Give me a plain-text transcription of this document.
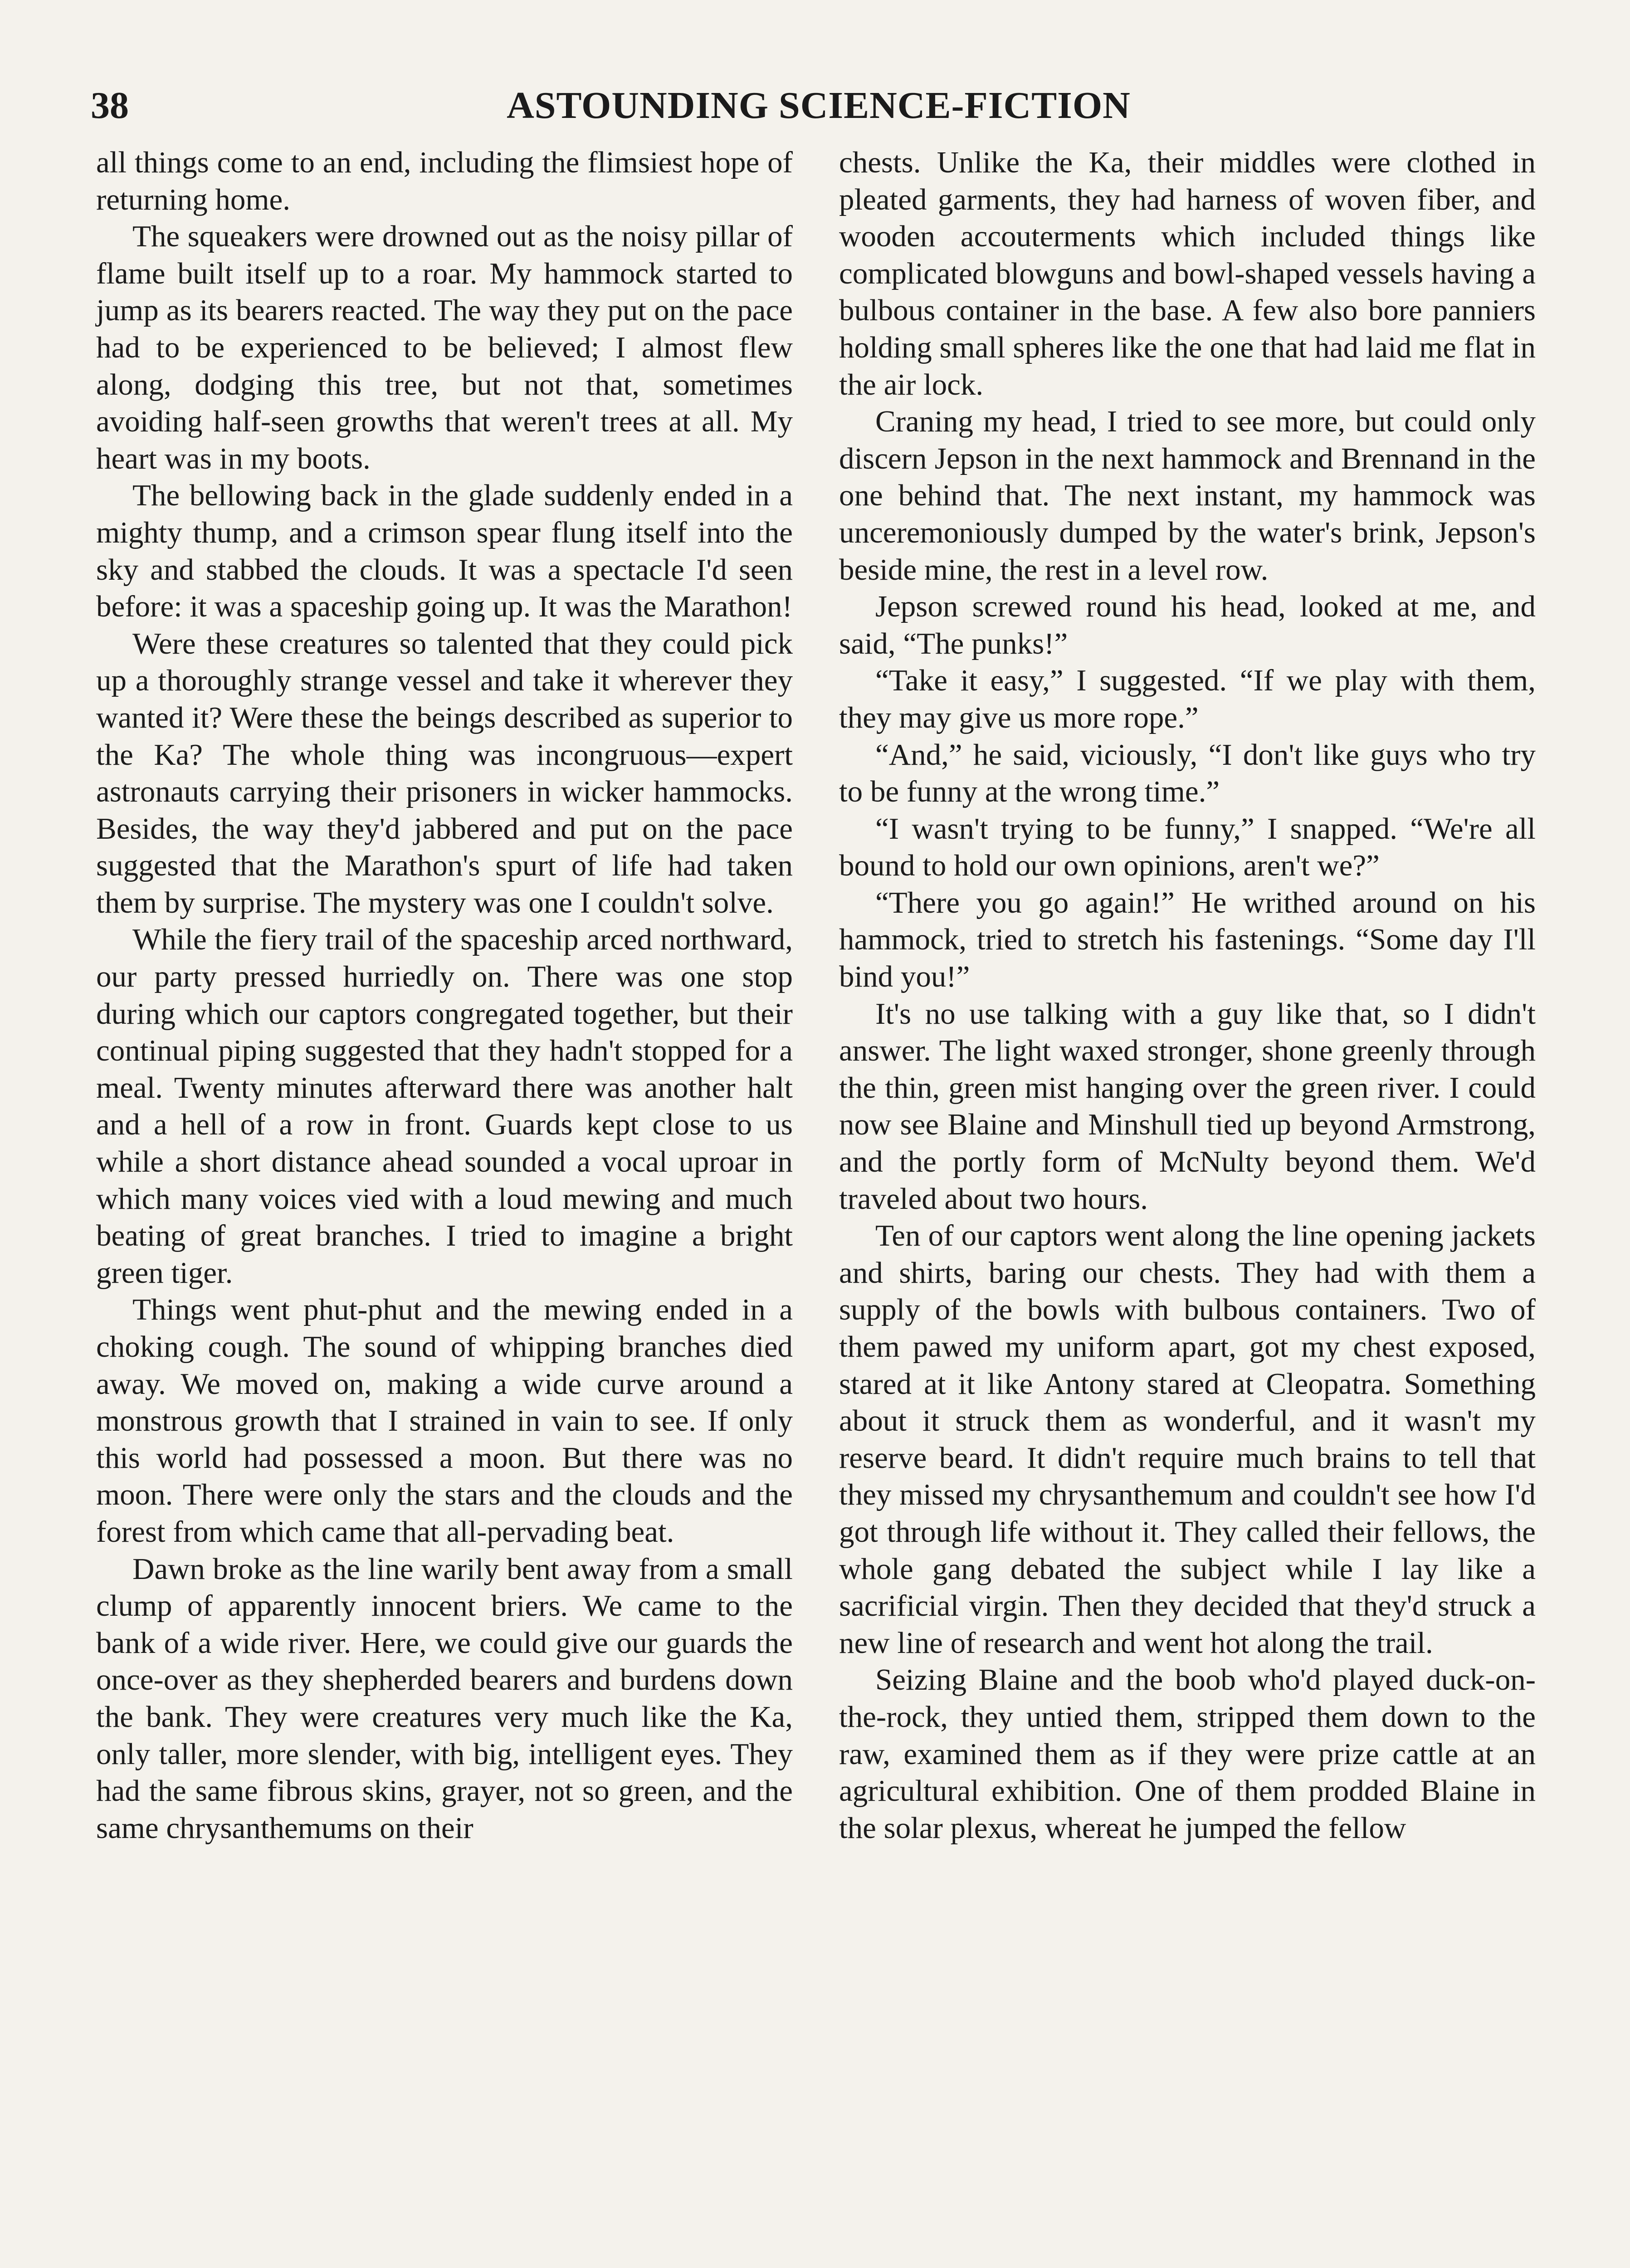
38	ASTOUNDING SCIENCE-FICTION

all things come to an end, including the flimsiest hope of returning home.

The squeakers were drowned out as the noisy pillar of flame built itself up to a roar. My hammock started to jump as its bearers reacted. The way they put on the pace had to be experienced to be believed; I almost flew along, dodging this tree, but not that, sometimes avoiding half-seen growths that weren't trees at all. My heart was in my boots.

The bellowing back in the glade suddenly ended in a mighty thump, and a crimson spear flung itself into the sky and stabbed the clouds. It was a spectacle I'd seen before: it was a spaceship going up. It was the Marathon!

Were these creatures so talented that they could pick up a thoroughly strange vessel and take it wherever they wanted it? Were these the beings described as superior to the Ka? The whole thing was incongruous—expert astronauts carrying their prisoners in wicker hammocks. Besides, the way they'd jabbered and put on the pace suggested that the Marathon's spurt of life had taken them by surprise. The mystery was one I couldn't solve.

While the fiery trail of the spaceship arced northward, our party pressed hurriedly on. There was one stop during which our captors congregated together, but their continual piping suggested that they hadn't stopped for a meal. Twenty minutes afterward there was another halt and a hell of a row in front. Guards kept close to us while a short distance ahead sounded a vocal uproar in which many voices vied with a loud mewing and much beating of great branches. I tried to imagine a bright green tiger.

Things went phut-phut and the mewing ended in a choking cough. The sound of whipping branches died away. We moved on, making a wide curve around a monstrous growth that I strained in vain to see. If only this world had possessed a moon. But there was no moon. There were only the stars and the clouds and the forest from which came that all-pervading beat.

Dawn broke as the line warily bent away from a small clump of apparently innocent briers. We came to the bank of a wide river. Here, we could give our guards the once-over as they shepherded bearers and burdens down the bank. They were creatures very much like the Ka, only taller, more slender, with big, intelligent eyes. They had the same fibrous skins, grayer, not so green, and the same chrysanthemums on their

chests. Unlike the Ka, their middles were clothed in pleated garments, they had harness of woven fiber, and wooden accouterments which included things like complicated blowguns and bowl-shaped vessels having a bulbous container in the base. A few also bore panniers holding small spheres like the one that had laid me flat in the air lock.

Craning my head, I tried to see more, but could only discern Jepson in the next hammock and Brennand in the one behind that. The next instant, my hammock was unceremoniously dumped by the water's brink, Jepson's beside mine, the rest in a level row.

Jepson screwed round his head, looked at me, and said, “The punks!”

“Take it easy,” I suggested. “If we play with them, they may give us more rope.”

“And,” he said, viciously, “I don't like guys who try to be funny at the wrong time.”

“I wasn't trying to be funny,” I snapped. “We're all bound to hold our own opinions, aren't we?”

“There you go again!” He writhed around on his hammock, tried to stretch his fastenings. “Some day I'll bind you!”

It's no use talking with a guy like that, so I didn't answer. The light waxed stronger, shone greenly through the thin, green mist hanging over the green river. I could now see Blaine and Minshull tied up beyond Armstrong, and the portly form of McNulty beyond them. We'd traveled about two hours.

Ten of our captors went along the line opening jackets and shirts, baring our chests. They had with them a supply of the bowls with bulbous containers. Two of them pawed my uniform apart, got my chest exposed, stared at it like Antony stared at Cleopatra. Something about it struck them as wonderful, and it wasn't my reserve beard. It didn't require much brains to tell that they missed my chrysanthemum and couldn't see how I'd got through life without it. They called their fellows, the whole gang debated the subject while I lay like a sacrificial virgin. Then they decided that they'd struck a new line of research and went hot along the trail.

Seizing Blaine and the boob who'd played duck-on-the-rock, they untied them, stripped them down to the raw, examined them as if they were prize cattle at an agricultural exhibition. One of them prodded Blaine in the solar plexus, whereat he jumped the fellow
